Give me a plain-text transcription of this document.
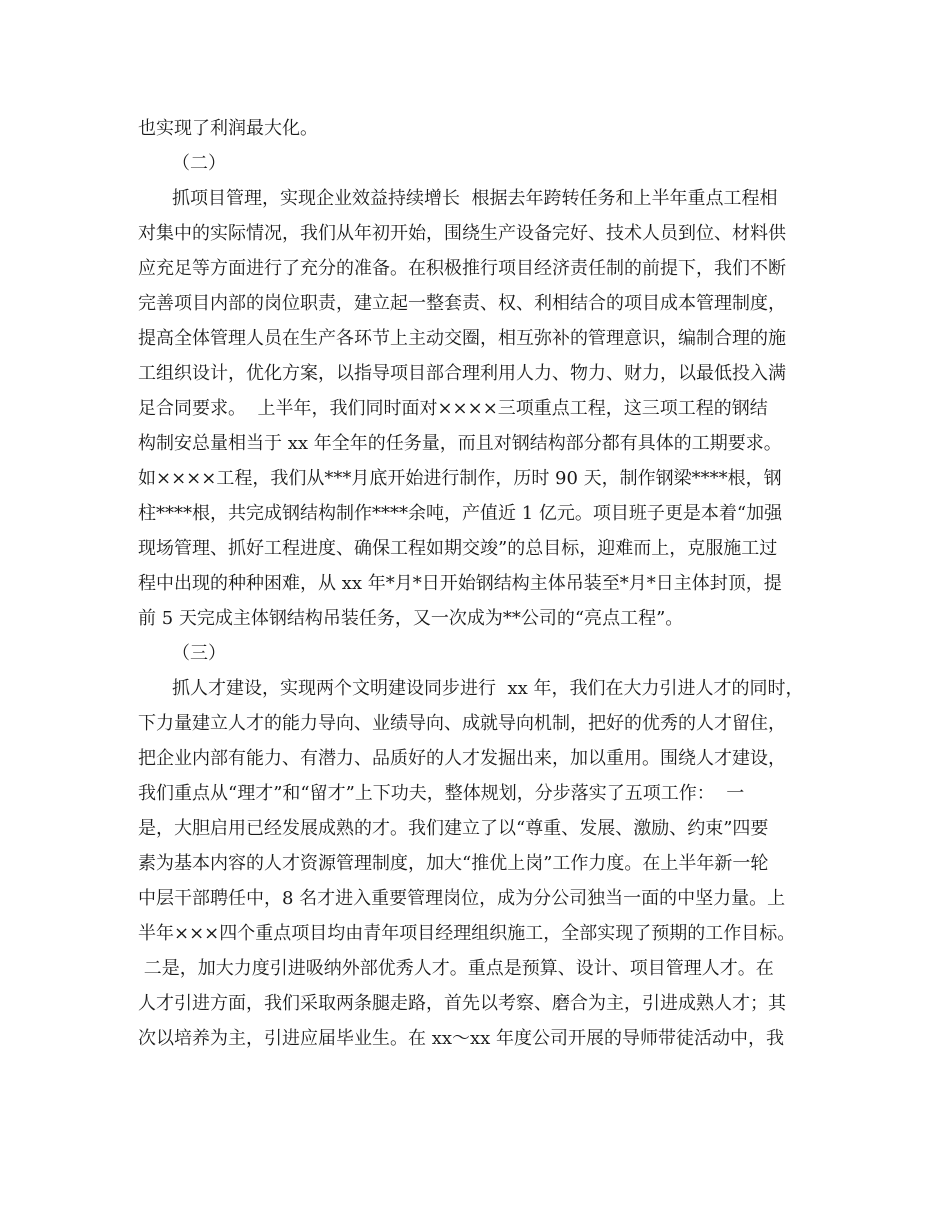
也实现了利润最大化。
（二）
抓项目管理，实现企业效益持续增长  根据去年跨转任务和上半年重点工程相
对集中的实际情况，我们从年初开始，围绕生产设备完好、技术人员到位、材料供
应充足等方面进行了充分的准备。在积极推行项目经济责任制的前提下，我们不断
完善项目内部的岗位职责，建立起一整套责、权、利相结合的项目成本管理制度，
提高全体管理人员在生产各环节上主动交圈，相互弥补的管理意识，编制合理的施
工组织设计，优化方案，以指导项目部合理利用人力、物力、财力，以最低投入满
足合同要求。  上半年，我们同时面对××××三项重点工程，这三项工程的钢结
构制安总量相当于 xx 年全年的任务量，而且对钢结构部分都有具体的工期要求。
如××××工程，我们从***月底开始进行制作，历时 90 天，制作钢梁****根，钢
柱****根，共完成钢结构制作****余吨，产值近 1 亿元。项目班子更是本着“加强
现场管理、抓好工程进度、确保工程如期交竣”的总目标，迎难而上，克服施工过
程中出现的种种困难，从 xx 年*月*日开始钢结构主体吊装至*月*日主体封顶，提
前 5 天完成主体钢结构吊装任务，又一次成为**公司的“亮点工程”。
（三）
抓人才建设，实现两个文明建设同步进行  xx 年，我们在大力引进人才的同时，
下力量建立人才的能力导向、业绩导向、成就导向机制，把好的优秀的人才留住，
把企业内部有能力、有潜力、品质好的人才发掘出来，加以重用。围绕人才建设，
我们重点从“理才”和“留才”上下功夫，整体规划，分步落实了五项工作：  一
是，大胆启用已经发展成熟的才。我们建立了以“尊重、发展、激励、约束”四要
素为基本内容的人才资源管理制度，加大“推优上岗”工作力度。在上半年新一轮
中层干部聘任中，8 名才进入重要管理岗位，成为分公司独当一面的中坚力量。上
半年×××四个重点项目均由青年项目经理组织施工，全部实现了预期的工作目标。
二是，加大力度引进吸纳外部优秀人才。重点是预算、设计、项目管理人才。在
人才引进方面，我们采取两条腿走路，首先以考察、磨合为主，引进成熟人才；其
次以培养为主，引进应届毕业生。在 xx～xx 年度公司开展的导师带徒活动中，我
